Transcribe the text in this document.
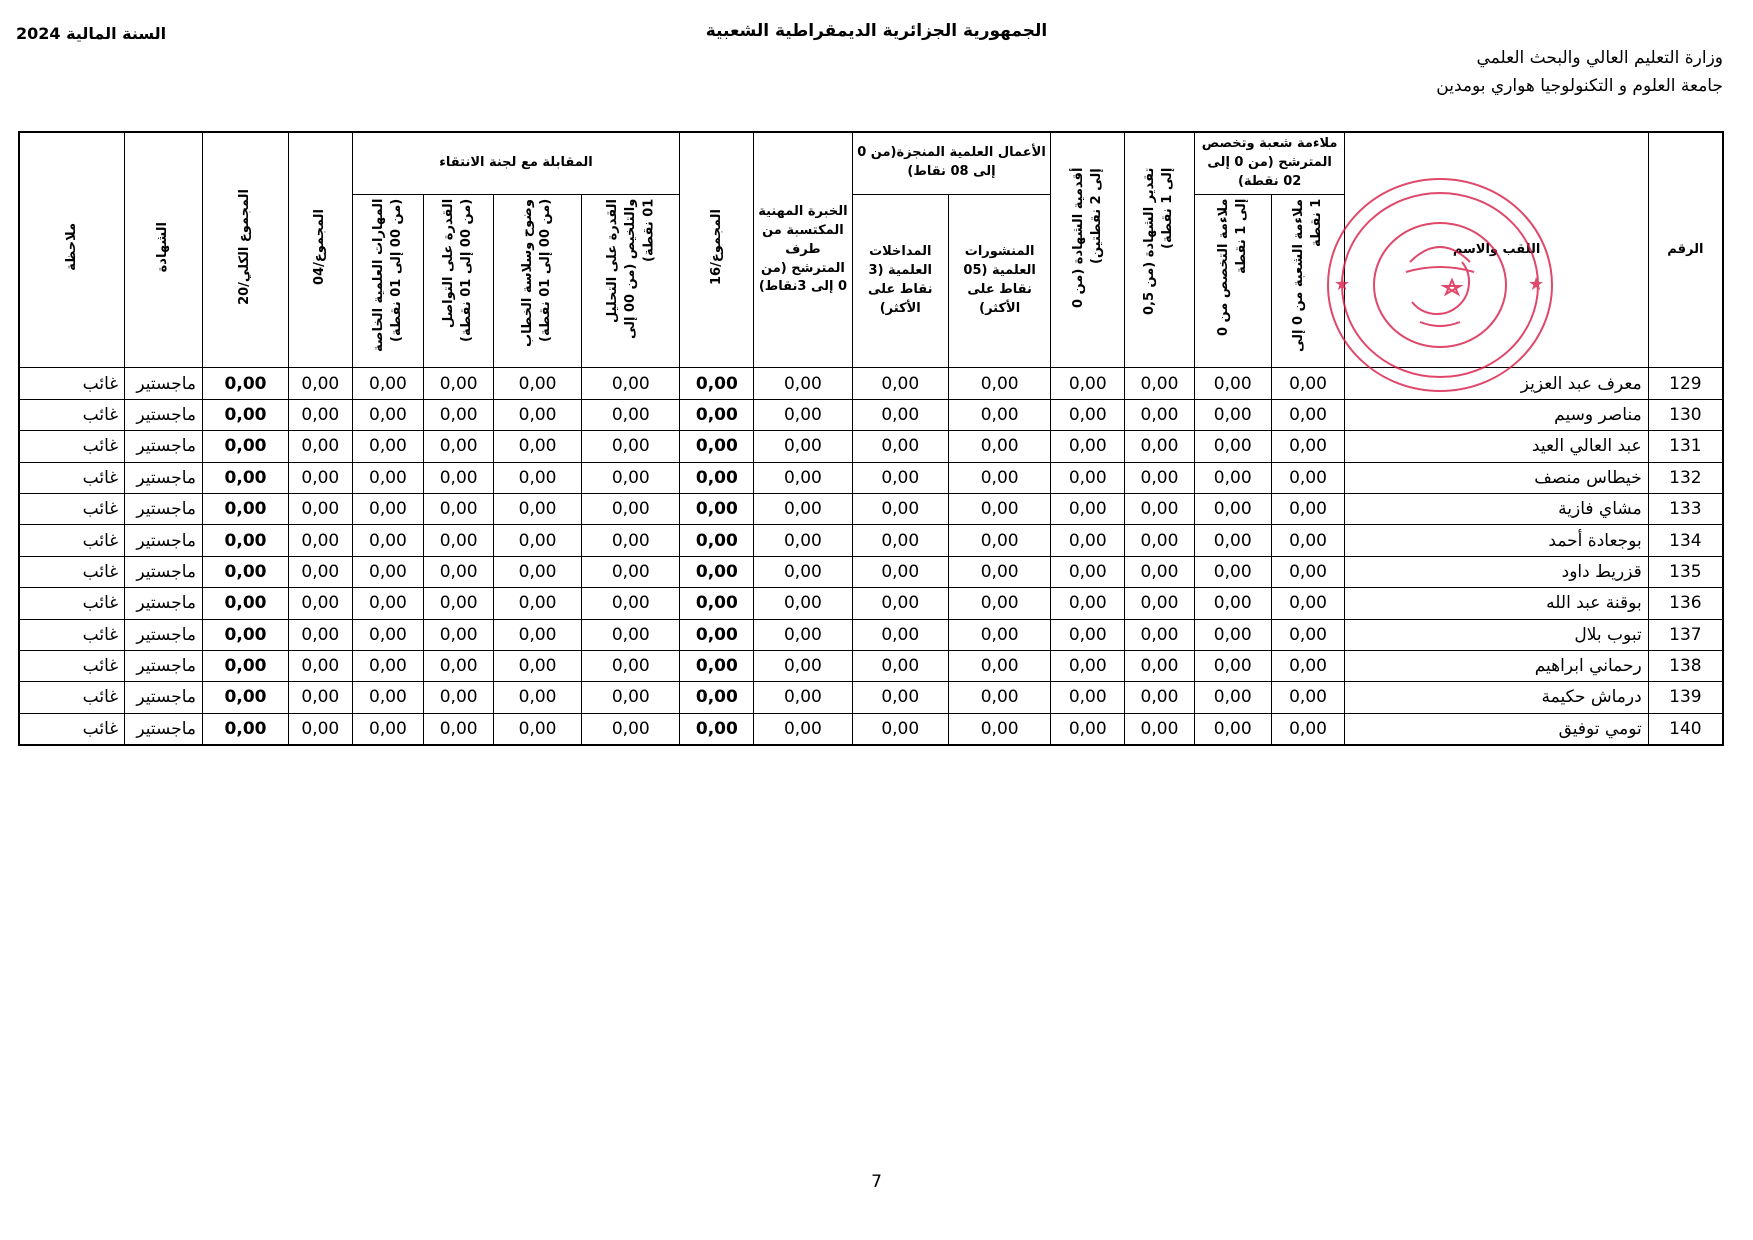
السنة المالية 2024	الجمهورية الجزائرية الديمقراطية الشعبية
وزارة التعليم العالي والبحث العلمي
جامعة العلوم و التكنولوجيا هواري بومدين
الرقم	اللقب والاسم	ملاءمة شعبة وتخصص المترشح (من 0 إلى 02 نقطة)		تقدير الشهادة (من 0,5 إلى 1 نقطة)	أقدمية الشهادة (من 0 إلى 2 نقطتين)	الأعمال العلمية المنجزة(من 0 إلى 08 نقاط)		الخبرة المهنية المكتسبة من طرف المترشح (من 0 إلى 3نقاط)	المجموع/16	المقابلة مع لجنة الانتقاء				المجموع/04	المجموع الكلي/20	الشهادة	ملاحظة
		ملاءمة الشعبة من 0 إلى 1 نقطة	ملاءمة التخصص من 0 إلى 1 نقطة			المنشورات العلمية (05 نقاط على الأكثر)	المداخلات العلمية (3 نقاط على الأكثر)			القدرة على التحليل والتلخيص (من 00 إلى 01 نقطة)	وضوح وسلاسة الخطاب (من 00 إلى 01 نقطة)	القدرة على التواصل (من 00 إلى 01 نقطة)	المهارات العلمية الخاصة (من 00 إلى 01 نقطة)				
129	معرف عبد العزيز	0,00	0,00	0,00	0,00	0,00	0,00	0,00	0,00	0,00	0,00	0,00	0,00	0,00	0,00	ماجستير	غائب
130	مناصر وسيم	0,00	0,00	0,00	0,00	0,00	0,00	0,00	0,00	0,00	0,00	0,00	0,00	0,00	0,00	ماجستير	غائب
131	عبد العالي العيد	0,00	0,00	0,00	0,00	0,00	0,00	0,00	0,00	0,00	0,00	0,00	0,00	0,00	0,00	ماجستير	غائب
132	خيطاس منصف	0,00	0,00	0,00	0,00	0,00	0,00	0,00	0,00	0,00	0,00	0,00	0,00	0,00	0,00	ماجستير	غائب
133	مشاي فازية	0,00	0,00	0,00	0,00	0,00	0,00	0,00	0,00	0,00	0,00	0,00	0,00	0,00	0,00	ماجستير	غائب
134	بوجعادة أحمد	0,00	0,00	0,00	0,00	0,00	0,00	0,00	0,00	0,00	0,00	0,00	0,00	0,00	0,00	ماجستير	غائب
135	قزريط داود	0,00	0,00	0,00	0,00	0,00	0,00	0,00	0,00	0,00	0,00	0,00	0,00	0,00	0,00	ماجستير	غائب
136	بوقنة عبد الله	0,00	0,00	0,00	0,00	0,00	0,00	0,00	0,00	0,00	0,00	0,00	0,00	0,00	0,00	ماجستير	غائب
137	تبوب بلال	0,00	0,00	0,00	0,00	0,00	0,00	0,00	0,00	0,00	0,00	0,00	0,00	0,00	0,00	ماجستير	غائب
138	رحماني ابراهيم	0,00	0,00	0,00	0,00	0,00	0,00	0,00	0,00	0,00	0,00	0,00	0,00	0,00	0,00	ماجستير	غائب
139	درماش حكيمة	0,00	0,00	0,00	0,00	0,00	0,00	0,00	0,00	0,00	0,00	0,00	0,00	0,00	0,00	ماجستير	غائب
140	تومي توفيق	0,00	0,00	0,00	0,00	0,00	0,00	0,00	0,00	0,00	0,00	0,00	0,00	0,00	0,00	ماجستير	غائب
★	★
7
